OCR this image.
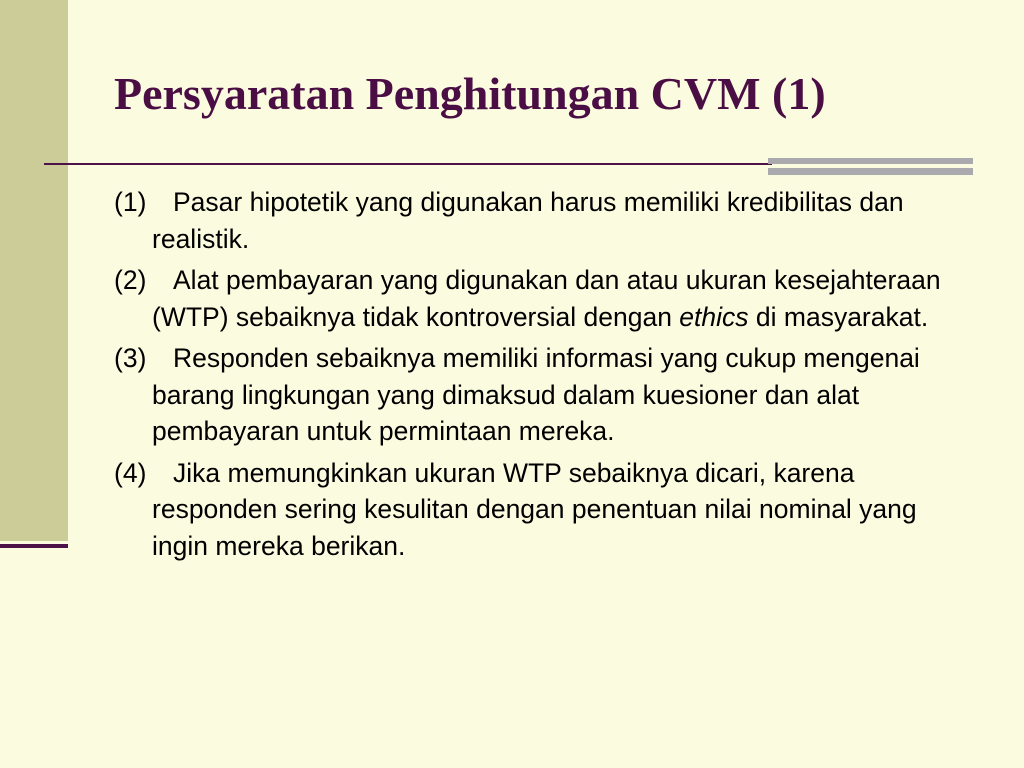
Persyaratan Penghitungan CVM (1)
(1) Pasar hipotetik yang digunakan harus memiliki kredibilitas dan realistik.
(2) Alat pembayaran yang digunakan dan atau ukuran kesejahteraan (WTP) sebaiknya tidak kontroversial dengan ethics di masyarakat.
(3) Responden sebaiknya memiliki informasi yang cukup mengenai barang lingkungan yang dimaksud dalam kuesioner dan alat pembayaran untuk permintaan mereka.
(4) Jika memungkinkan ukuran WTP sebaiknya dicari, karena responden sering kesulitan dengan penentuan nilai nominal yang ingin mereka berikan.
